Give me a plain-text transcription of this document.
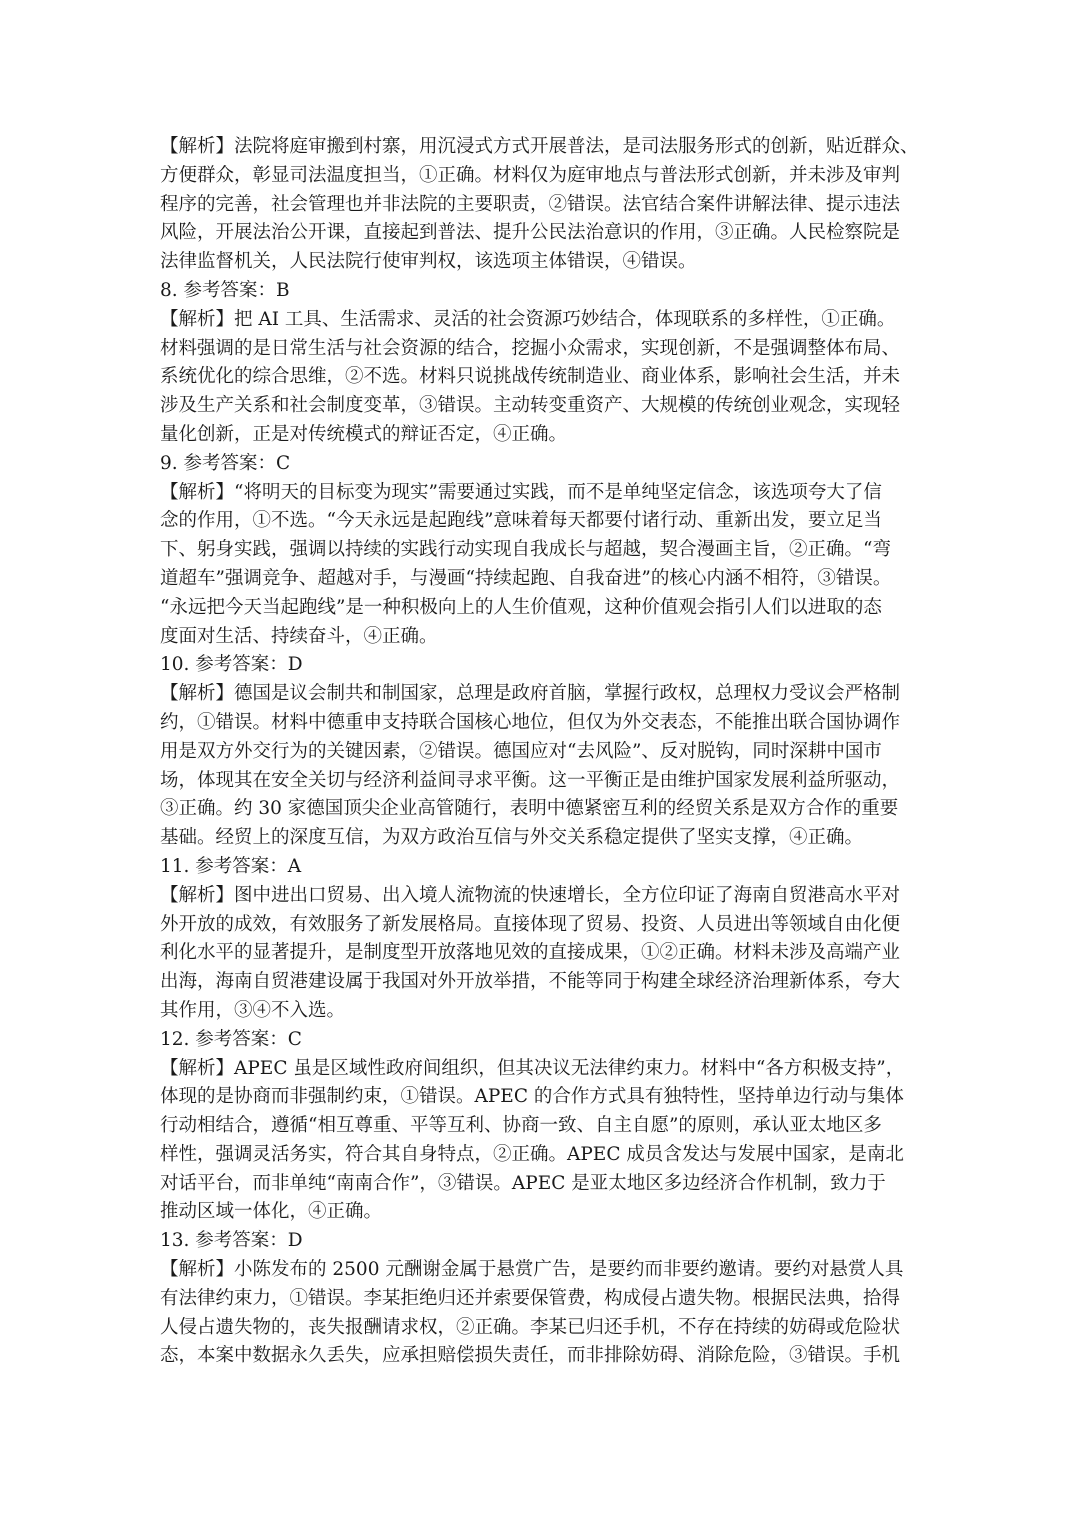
【解析】法院将庭审搬到村寨，用沉浸式方式开展普法，是司法服务形式的创新，贴近群众、
方便群众，彰显司法温度担当，①正确。材料仅为庭审地点与普法形式创新，并未涉及审判
程序的完善，社会管理也并非法院的主要职责，②错误。法官结合案件讲解法律、提示违法
风险，开展法治公开课，直接起到普法、提升公民法治意识的作用，③正确。人民检察院是
法律监督机关，人民法院行使审判权，该选项主体错误，④错误。
8. 参考答案：B
【解析】把 AI 工具、生活需求、灵活的社会资源巧妙结合，体现联系的多样性，①正确。
材料强调的是日常生活与社会资源的结合，挖掘小众需求，实现创新，不是强调整体布局、
系统优化的综合思维，②不选。材料只说挑战传统制造业、商业体系，影响社会生活，并未
涉及生产关系和社会制度变革，③错误。主动转变重资产、大规模的传统创业观念，实现轻
量化创新，正是对传统模式的辩证否定，④正确。
9. 参考答案：C
【解析】“将明天的目标变为现实”需要通过实践，而不是单纯坚定信念，该选项夸大了信
念的作用，①不选。“今天永远是起跑线”意味着每天都要付诸行动、重新出发，要立足当
下、躬身实践，强调以持续的实践行动实现自我成长与超越，契合漫画主旨，②正确。“弯
道超车”强调竞争、超越对手，与漫画“持续起跑、自我奋进”的核心内涵不相符，③错误。
“永远把今天当起跑线”是一种积极向上的人生价值观，这种价值观会指引人们以进取的态
度面对生活、持续奋斗，④正确。
10. 参考答案：D
【解析】德国是议会制共和制国家，总理是政府首脑，掌握行政权，总理权力受议会严格制
约，①错误。材料中德重申支持联合国核心地位，但仅为外交表态，不能推出联合国协调作
用是双方外交行为的关键因素，②错误。德国应对“去风险”、反对脱钩，同时深耕中国市
场，体现其在安全关切与经济利益间寻求平衡。这一平衡正是由维护国家发展利益所驱动，
③正确。约 30 家德国顶尖企业高管随行，表明中德紧密互利的经贸关系是双方合作的重要
基础。经贸上的深度互信，为双方政治互信与外交关系稳定提供了坚实支撑，④正确。
11. 参考答案：A
【解析】图中进出口贸易、出入境人流物流的快速增长，全方位印证了海南自贸港高水平对
外开放的成效，有效服务了新发展格局。直接体现了贸易、投资、人员进出等领域自由化便
利化水平的显著提升，是制度型开放落地见效的直接成果，①②正确。材料未涉及高端产业
出海，海南自贸港建设属于我国对外开放举措，不能等同于构建全球经济治理新体系，夸大
其作用，③④不入选。
12. 参考答案：C
【解析】APEC 虽是区域性政府间组织，但其决议无法律约束力。材料中“各方积极支持”，
体现的是协商而非强制约束，①错误。APEC 的合作方式具有独特性，坚持单边行动与集体
行动相结合，遵循“相互尊重、平等互利、协商一致、自主自愿”的原则，承认亚太地区多
样性，强调灵活务实，符合其自身特点，②正确。APEC 成员含发达与发展中国家，是南北
对话平台，而非单纯“南南合作”，③错误。APEC 是亚太地区多边经济合作机制，致力于
推动区域一体化，④正确。
13. 参考答案：D
【解析】小陈发布的 2500 元酬谢金属于悬赏广告，是要约而非要约邀请。要约对悬赏人具
有法律约束力，①错误。李某拒绝归还并索要保管费，构成侵占遗失物。根据民法典，拾得
人侵占遗失物的，丧失报酬请求权，②正确。李某已归还手机，不存在持续的妨碍或危险状
态，本案中数据永久丢失，应承担赔偿损失责任，而非排除妨碍、消除危险，③错误。手机
